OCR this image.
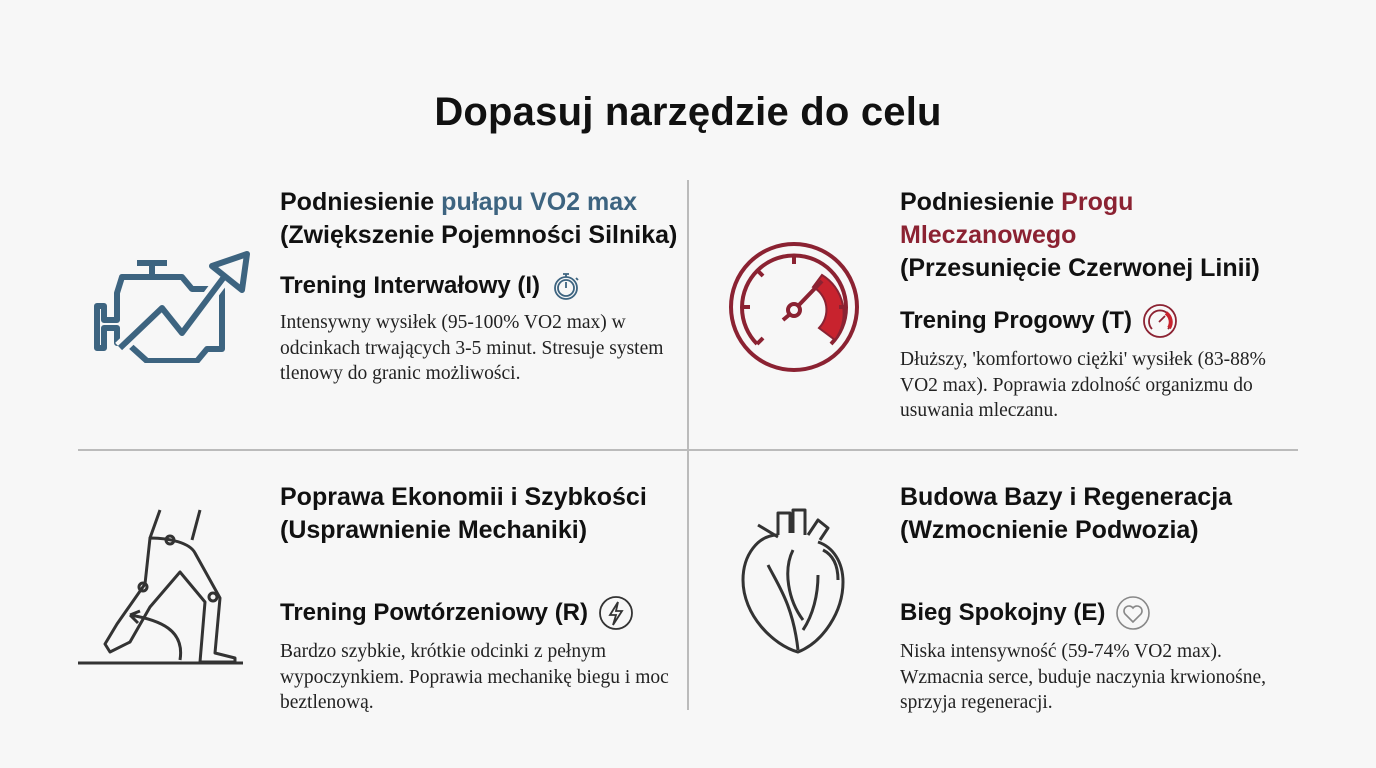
Dopasuj narzędzie do celu
Podniesienie pułapu VO2 max
(Zwiększenie Pojemności Silnika)
Trening Interwałowy (I)
Intensywny wysiłek (95-100% VO2 max) w odcinkach trwających 3-5 minut. Stresuje system tlenowy do granic możliwości.
Podniesienie Progu Mleczanowego
(Przesunięcie Czerwonej Linii)
Trening Progowy (T)
Dłuższy, 'komfortowo ciężki' wysiłek (83-88% VO2 max). Poprawia zdolność organizmu do usuwania mleczanu.
Poprawa Ekonomii i Szybkości
(Usprawnienie Mechaniki)
Trening Powtórzeniowy (R)
Bardzo szybkie, krótkie odcinki z pełnym wypoczynkiem. Poprawia mechanikę biegu i moc beztlenową.
Budowa Bazy i Regeneracja
(Wzmocnienie Podwozia)
Bieg Spokojny (E)
Niska intensywność (59-74% VO2 max). Wzmacnia serce, buduje naczynia krwionośne, sprzyja regeneracji.
